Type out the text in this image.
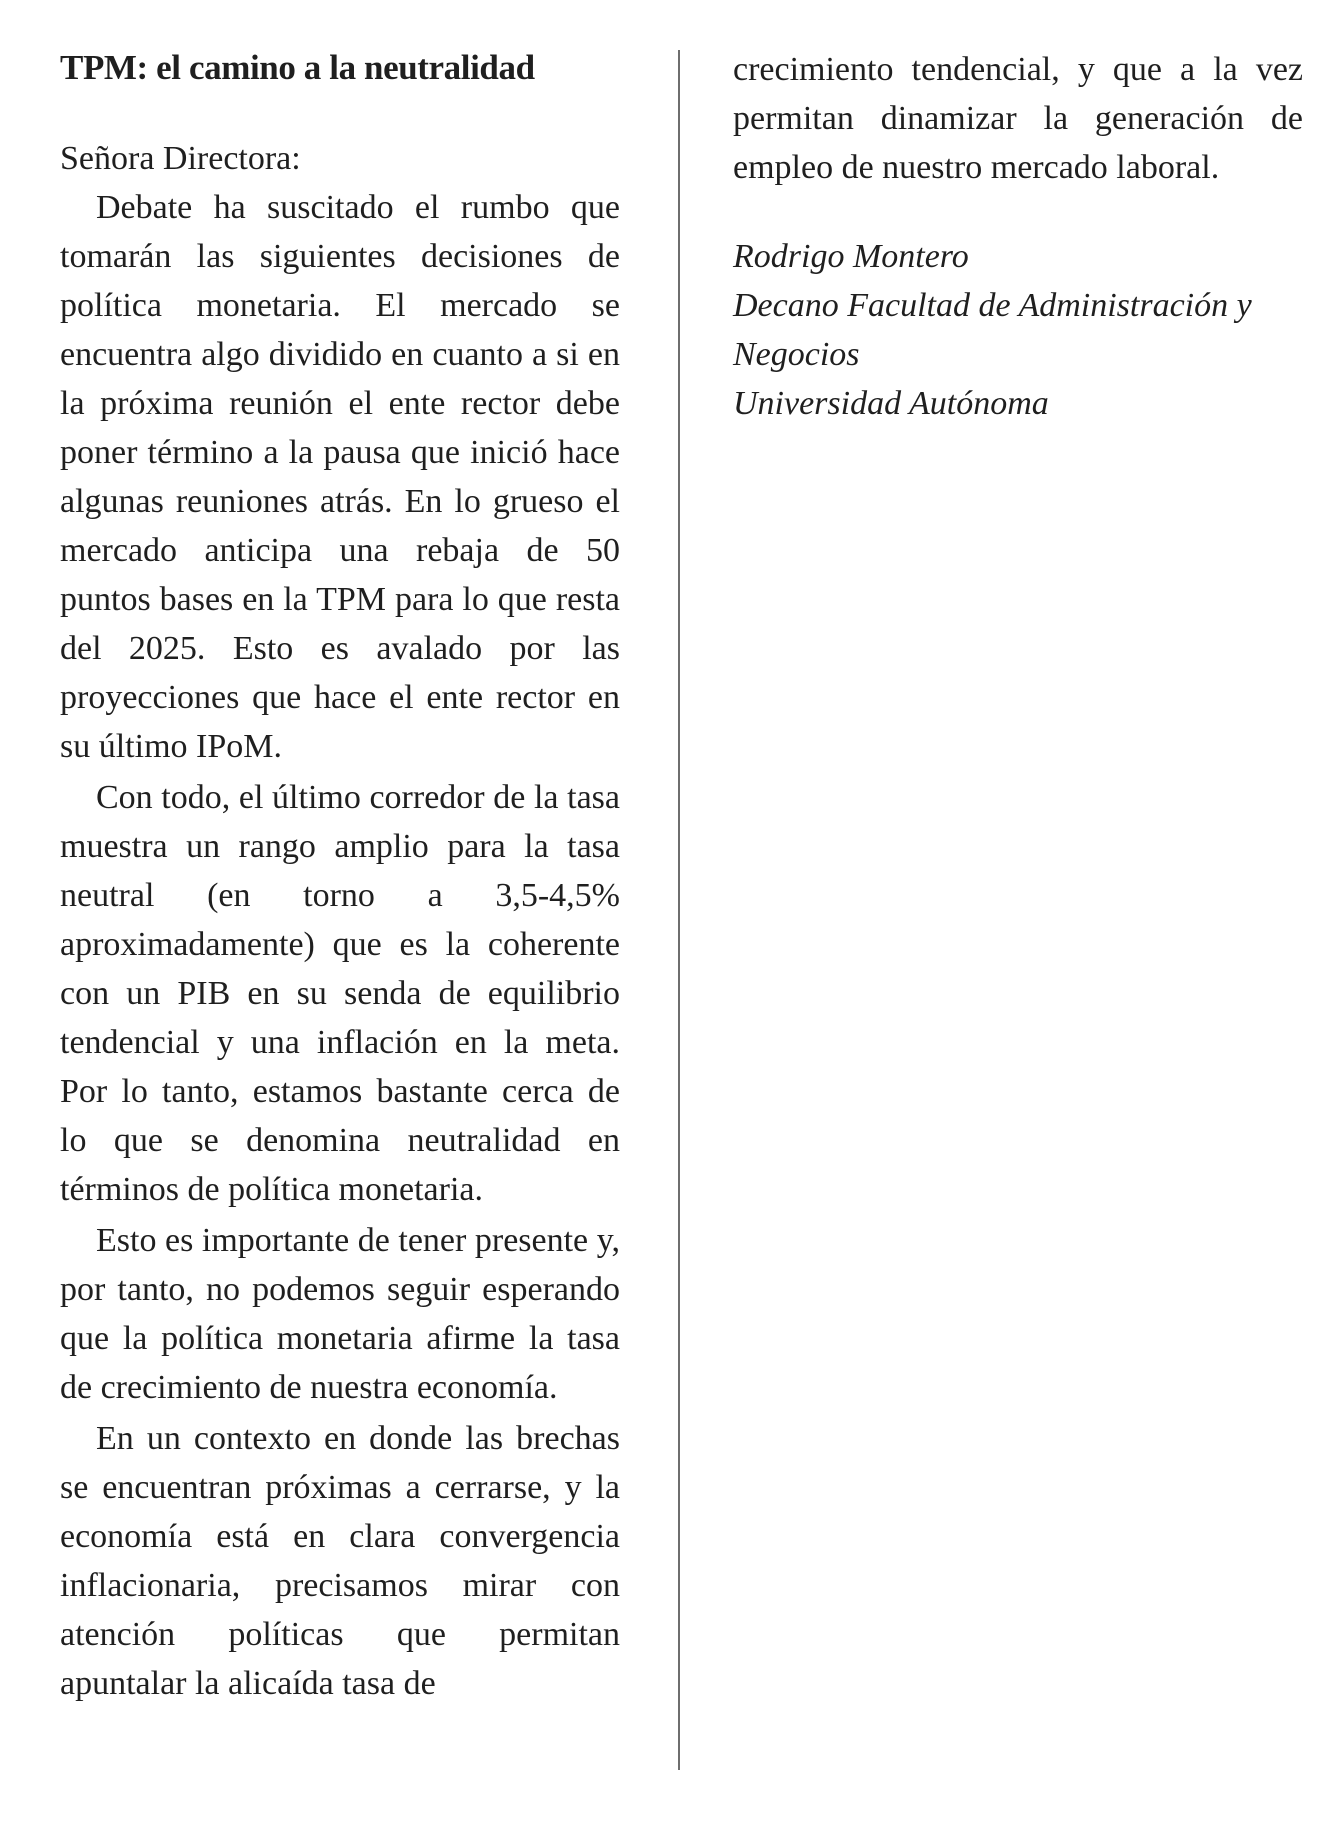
TPM: el camino a la neutralidad

Señora Directora:

Debate ha suscitado el rumbo que tomarán las siguientes decisiones de política monetaria. El mercado se encuentra algo dividido en cuanto a si en la próxima reunión el ente rector debe poner término a la pausa que inició hace algunas reuniones atrás. En lo grueso el mercado anticipa una rebaja de 50 puntos bases en la TPM para lo que resta del 2025. Esto es avalado por las proyecciones que hace el ente rector en su último IPoM.

Con todo, el último corredor de la tasa muestra un rango amplio para la tasa neutral (en torno a 3,5-4,5% aproximadamente) que es la coherente con un PIB en su senda de equilibrio tendencial y una inflación en la meta. Por lo tanto, estamos bastante cerca de lo que se denomina neutralidad en términos de política monetaria.

Esto es importante de tener presente y, por tanto, no podemos seguir esperando que la política monetaria afirme la tasa de crecimiento de nuestra economía.

En un contexto en donde las brechas se encuentran próximas a cerrarse, y la economía está en clara convergencia inflacionaria, precisamos mirar con atención políticas que permitan apuntalar la alicaída tasa de

crecimiento tendencial, y que a la vez permitan dinamizar la generación de empleo de nuestro mercado laboral.

Rodrigo Montero
Decano Facultad de Administración y
Negocios
Universidad Autónoma
